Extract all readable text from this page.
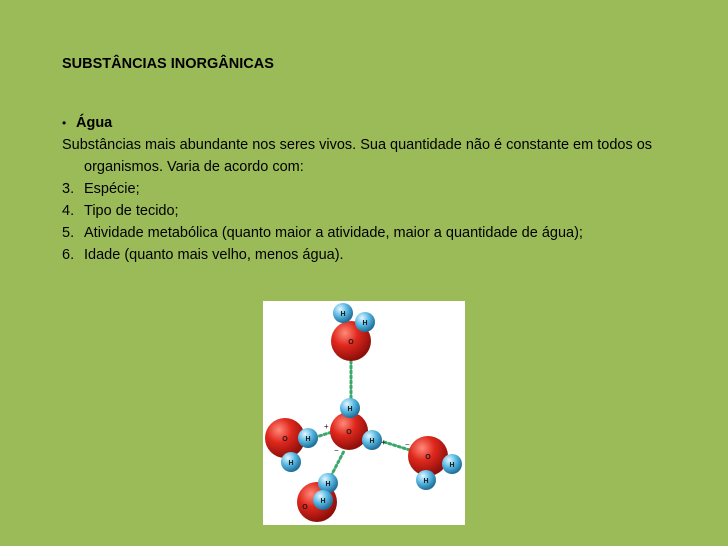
SUBSTÂNCIAS INORGÂNICAS
• Água
Substâncias mais abundante nos seres vivos. Sua quantidade não é constante em todos os organismos. Varia de acordo com:
3. Espécie;
4. Tipo de tecido;
5. Atividade metabólica (quanto maior a atividade, maior a quantidade de água);
6. Idade (quanto mais velho, menos água).
O
H
H
O
H
H
+
+
−
O	H
H
O
H
H
−
O
H
H
